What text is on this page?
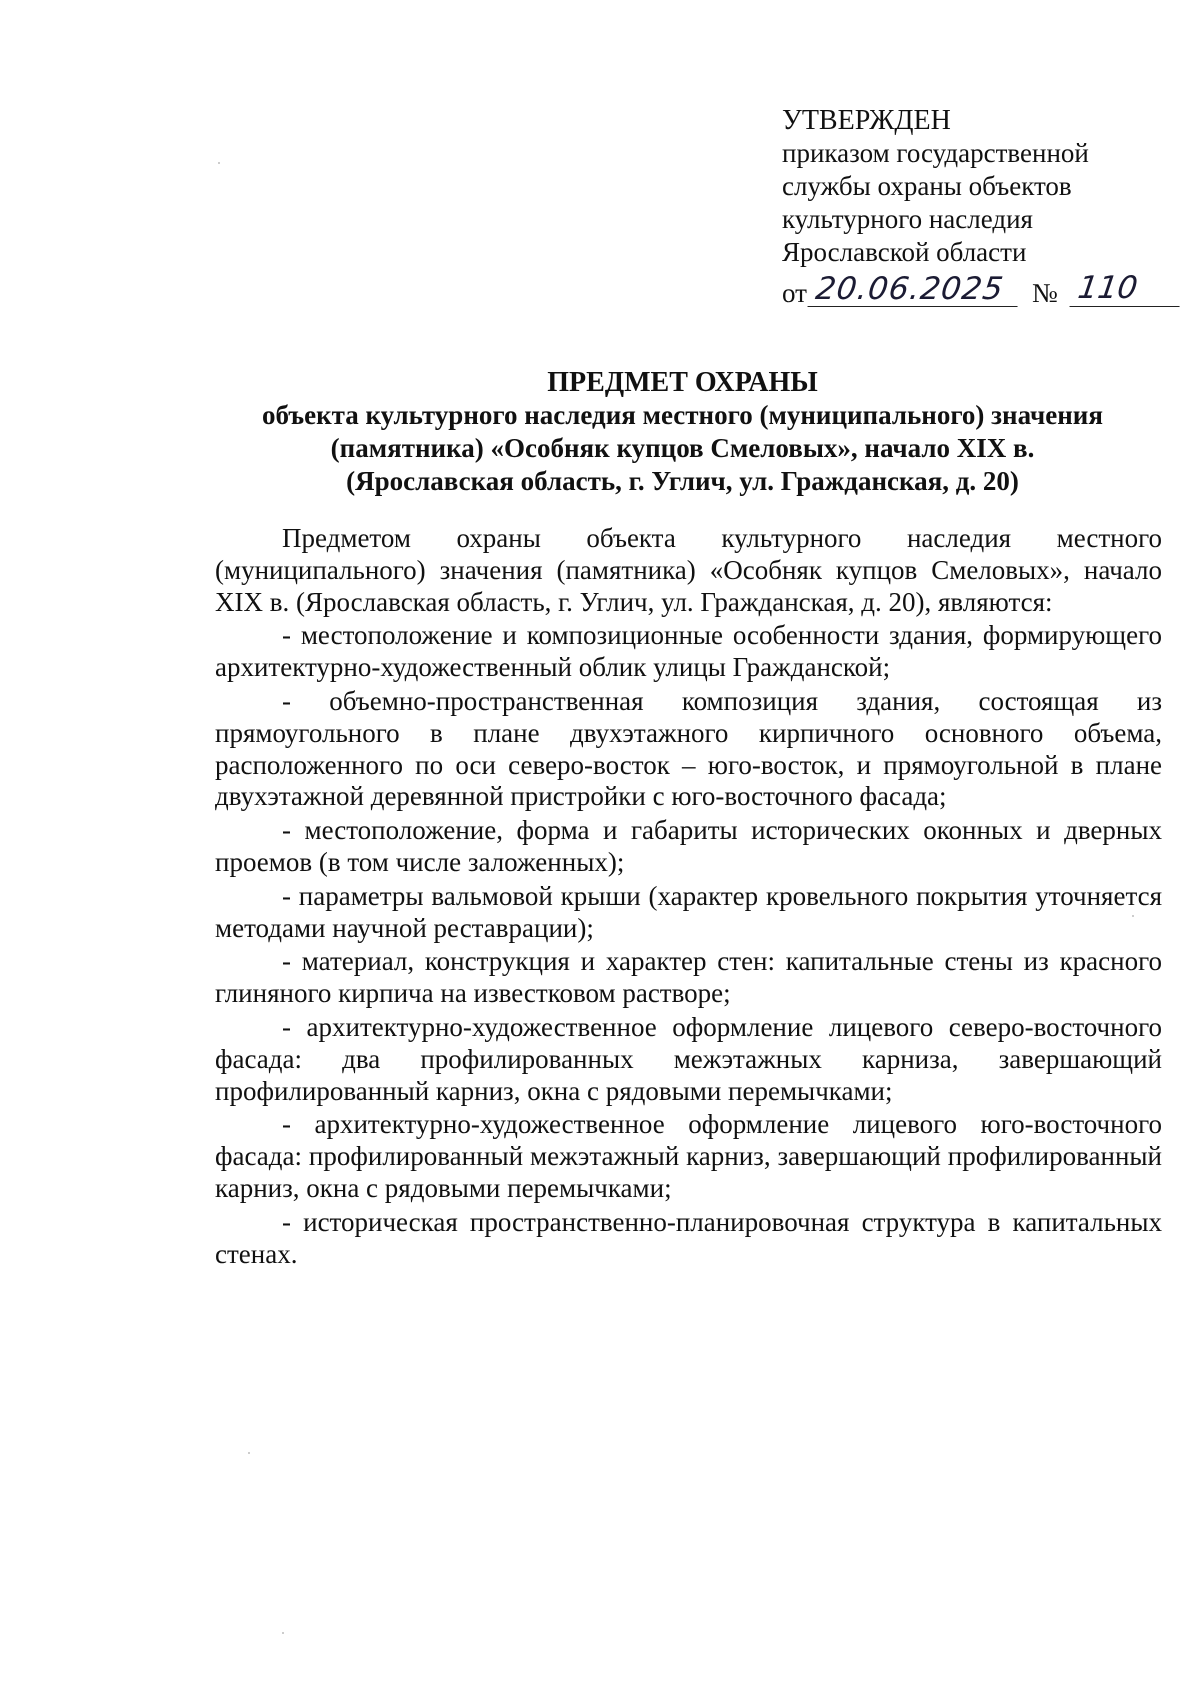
УТВЕРЖДЕН
приказом государственной
службы охраны объектов
культурного наследия
Ярославской области
от 20.06.2025 № 110
ПРЕДМЕТ ОХРАНЫ
объекта культурного наследия местного (муниципального) значения
(памятника) «Особняк купцов Смеловых», начало XIX в.
(Ярославская область, г. Углич, ул. Гражданская, д. 20)

Предметом охраны объекта культурного наследия местного (муниципального) значения (памятника) «Особняк купцов Смеловых», начало XIX в. (Ярославская область, г. Углич, ул. Гражданская, д. 20), являются:

- местоположение и композиционные особенности здания, формирующего архитектурно-художественный облик улицы Гражданской;

- объемно-пространственная композиция здания, состоящая из прямоугольного в плане двухэтажного кирпичного основного объема, расположенного по оси северо-восток – юго-восток, и прямоугольной в плане двухэтажной деревянной пристройки с юго-восточного фасада;

- местоположение, форма и габариты исторических оконных и дверных проемов (в том числе заложенных);

- параметры вальмовой крыши (характер кровельного покрытия уточняется методами научной реставрации);

- материал, конструкция и характер стен: капитальные стены из красного глиняного кирпича на известковом растворе;

- архитектурно-художественное оформление лицевого северо-восточного фасада: два профилированных межэтажных карниза, завершающий профилированный карниз, окна с рядовыми перемычками;

- архитектурно-художественное оформление лицевого юго-восточного фасада: профилированный межэтажный карниз, завершающий профилированный карниз, окна с рядовыми перемычками;

- историческая пространственно-планировочная структура в капитальных стенах.
